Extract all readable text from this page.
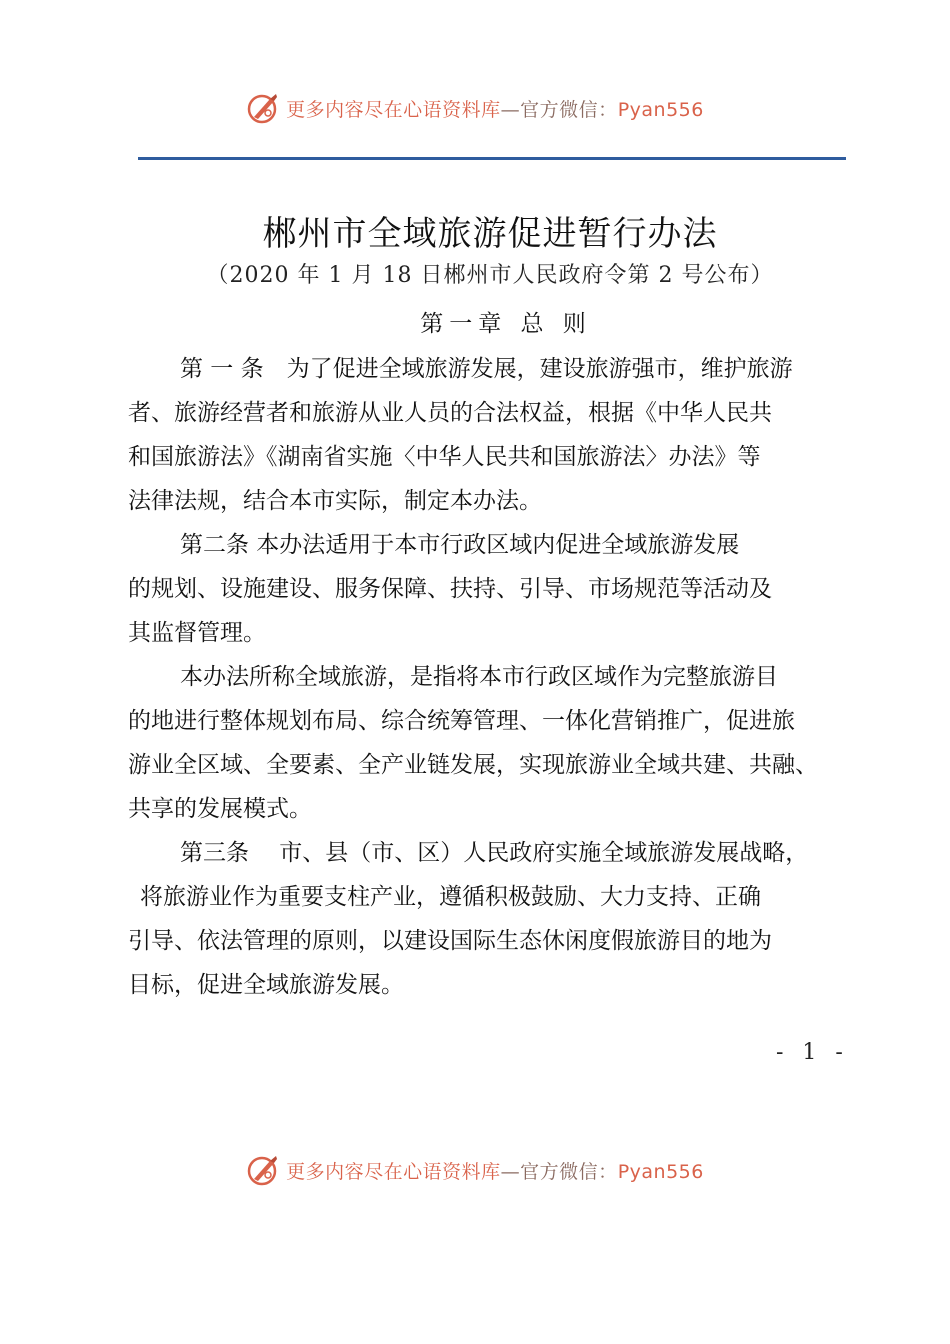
更多内容尽在心语资料库—官方微信：Pyan556
郴州市全域旅游促进暂行办法
（2020 年 1 月 18 日郴州市人民政府令第 2 号公布）
第一章 总 则
第 一 条　为了促进全域旅游发展，建设旅游强市，维护旅游
者、旅游经营者和旅游从业人员的合法权益，根据《中华人民共
和国旅游法》《湖南省实施〈中华人民共和国旅游法〉办法》等
法律法规，结合本市实际，制定本办法。
第二条 本办法适用于本市行政区域内促进全域旅游发展
的规划、设施建设、服务保障、扶持、引导、市场规范等活动及
其监督管理。
本办法所称全域旅游，是指将本市行政区域作为完整旅游目
的地进行整体规划布局、综合统筹管理、一体化营销推广，促进旅
游业全区域、全要素、全产业链发展，实现旅游业全域共建、共融、
共享的发展模式。
第三条　 市、县（市、区）人民政府实施全域旅游发展战略，
将旅游业作为重要支柱产业，遵循积极鼓励、大力支持、正确
引导、依法管理的原则，以建设国际生态休闲度假旅游目的地为
目标，促进全域旅游发展。
- 1 -
更多内容尽在心语资料库—官方微信：Pyan556
